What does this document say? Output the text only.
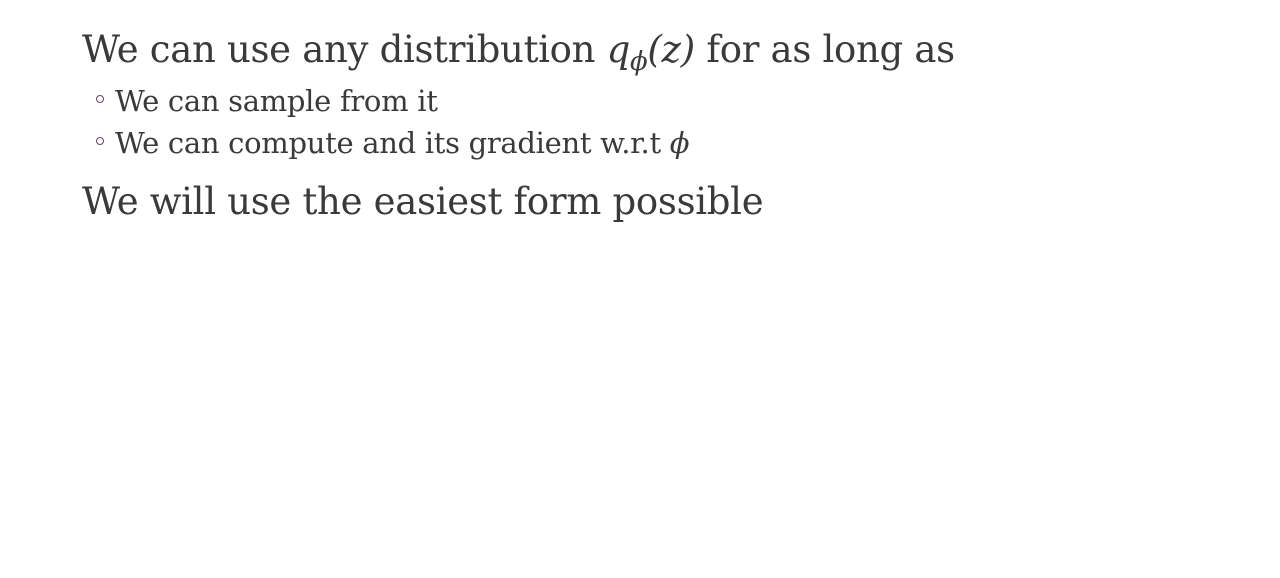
We can use any distribution $q_\phi(z)$ for as long as

We can sample from it
We can compute and its gradient w.r.t ϕ

We will use the easiest form possible
